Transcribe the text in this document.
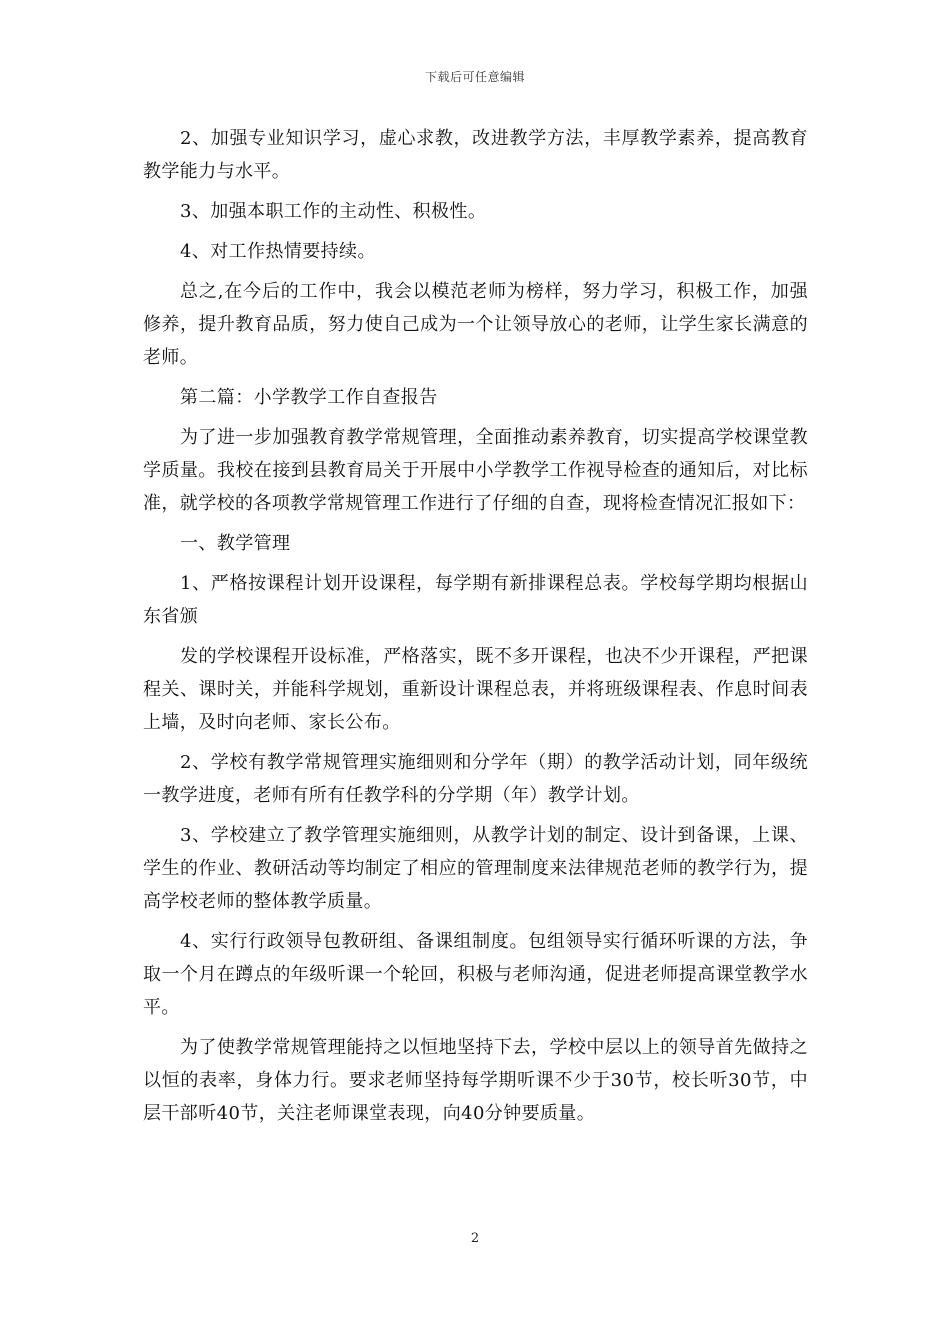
下载后可任意编辑

2、加强专业知识学习，虚心求教，改进教学方法，丰厚教学素养，提高教育教学能力与水平。

3、加强本职工作的主动性、积极性。

4、对工作热情要持续。

总之,在今后的工作中，我会以模范老师为榜样，努力学习，积极工作，加强修养，提升教育品质，努力使自己成为一个让领导放心的老师，让学生家长满意的老师。

第二篇：小学教学工作自查报告

为了进一步加强教育教学常规管理，全面推动素养教育，切实提高学校课堂教学质量。我校在接到县教育局关于开展中小学教学工作视导检查的通知后，对比标准，就学校的各项教学常规管理工作进行了仔细的自查，现将检查情况汇报如下：

一、教学管理

1、严格按课程计划开设课程，每学期有新排课程总表。学校每学期均根据山东省颁

发的学校课程开设标准，严格落实，既不多开课程，也决不少开课程，严把课程关、课时关，并能科学规划，重新设计课程总表，并将班级课程表、作息时间表上墙，及时向老师、家长公布。

2、学校有教学常规管理实施细则和分学年（期）的教学活动计划，同年级统一教学进度，老师有所有任教学科的分学期（年）教学计划。

3、学校建立了教学管理实施细则，从教学计划的制定、设计到备课，上课、学生的作业、教研活动等均制定了相应的管理制度来法律规范老师的教学行为，提高学校老师的整体教学质量。

4、实行行政领导包教研组、备课组制度。包组领导实行循环听课的方法，争取一个月在蹲点的年级听课一个轮回，积极与老师沟通，促进老师提高课堂教学水平。

为了使教学常规管理能持之以恒地坚持下去，学校中层以上的领导首先做持之以恒的表率，身体力行。要求老师坚持每学期听课不少于30节，校长听30节，中层干部听40节，关注老师课堂表现，向40分钟要质量。

2
